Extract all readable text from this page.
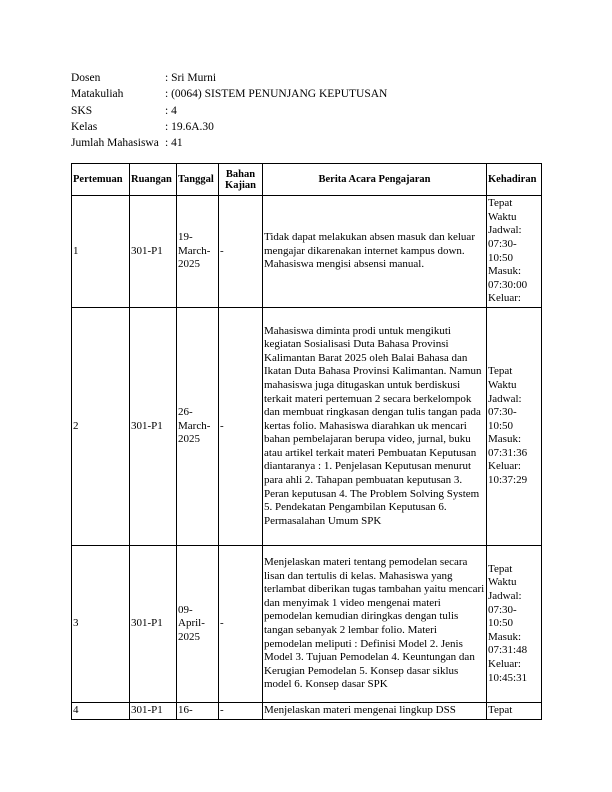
Dosen	: Sri Murni
Matakuliah	: (0064) SISTEM PENUNJANG KEPUTUSAN
SKS	: 4
Kelas	: 19.6A.30
Jumlah Mahasiswa : 41
Pertemuan	Ruangan	Tanggal	Bahan Kajian	Berita Acara Pengajaran	Kehadiran
1	301-P1	19-March-2025	-	Tidak dapat melakukan absen masuk dan keluar mengajar dikarenakan internet kampus down. Mahasiswa mengisi absensi manual.	Tepat Waktu Jadwal: 07:30-10:50 Masuk: 07:30:00 Keluar:
2	301-P1	26-March-2025	-	Mahasiswa diminta prodi untuk mengikuti kegiatan Sosialisasi Duta Bahasa Provinsi Kalimantan Barat 2025 oleh Balai Bahasa dan Ikatan Duta Bahasa Provinsi Kalimantan. Namun mahasiswa juga ditugaskan untuk berdiskusi terkait materi pertemuan 2 secara berkelompok dan membuat ringkasan dengan tulis tangan pada kertas folio. Mahasiswa diarahkan uk mencari bahan pembelajaran berupa video, jurnal, buku atau artikel terkait materi Pembuatan Keputusan diantaranya : 1. Penjelasan Keputusan menurut para ahli 2. Tahapan pembuatan keputusan 3. Peran keputusan 4. The Problem Solving System 5. Pendekatan Pengambilan Keputusan 6. Permasalahan Umum SPK	Tepat Waktu Jadwal: 07:30-10:50 Masuk: 07:31:36 Keluar: 10:37:29
3	301-P1	09-April-2025	-	Menjelaskan materi tentang pemodelan secara lisan dan tertulis di kelas. Mahasiswa yang terlambat diberikan tugas tambahan yaitu mencari dan menyimak 1 video mengenai materi pemodelan kemudian diringkas dengan tulis tangan sebanyak 2 lembar folio. Materi pemodelan meliputi : Definisi Model 2. Jenis Model 3. Tujuan Pemodelan 4. Keuntungan dan Kerugian Pemodelan 5. Konsep dasar siklus model 6. Konsep dasar SPK	Tepat Waktu Jadwal: 07:30-10:50 Masuk: 07:31:48 Keluar: 10:45:31
4	301-P1	16-	-	Menjelaskan materi mengenai lingkup DSS	Tepat
